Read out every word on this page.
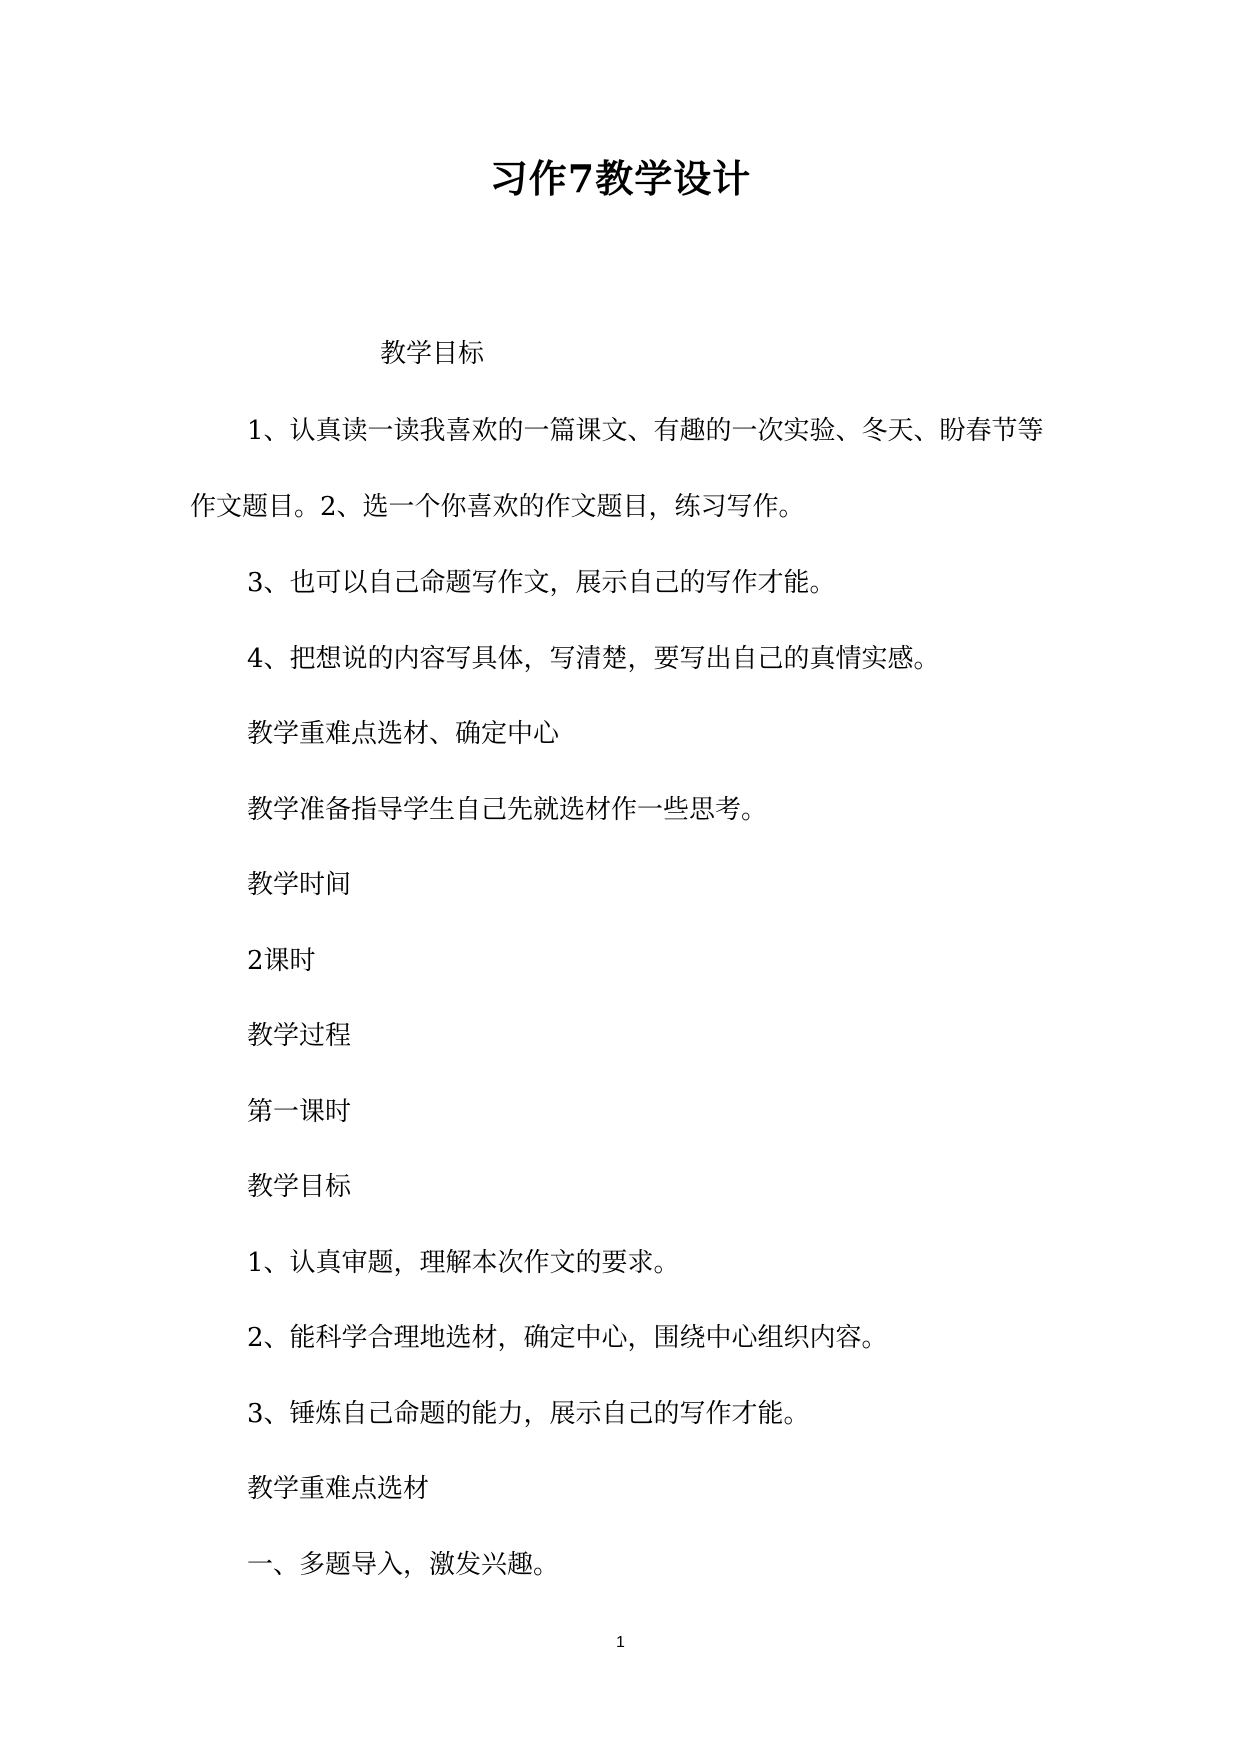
习作7教学设计

教学目标

1、认真读一读我喜欢的一篇课文、有趣的一次实验、冬天、盼春节等作文题目。2、选一个你喜欢的作文题目，练习写作。

3、也可以自己命题写作文，展示自己的写作才能。

4、把想说的内容写具体，写清楚，要写出自己的真情实感。

教学重难点选材、确定中心

教学准备指导学生自己先就选材作一些思考。

教学时间

2课时

教学过程

第一课时

教学目标

1、认真审题，理解本次作文的要求。

2、能科学合理地选材，确定中心，围绕中心组织内容。

3、锤炼自己命题的能力，展示自己的写作才能。

教学重难点选材

一、多题导入，激发兴趣。

1
